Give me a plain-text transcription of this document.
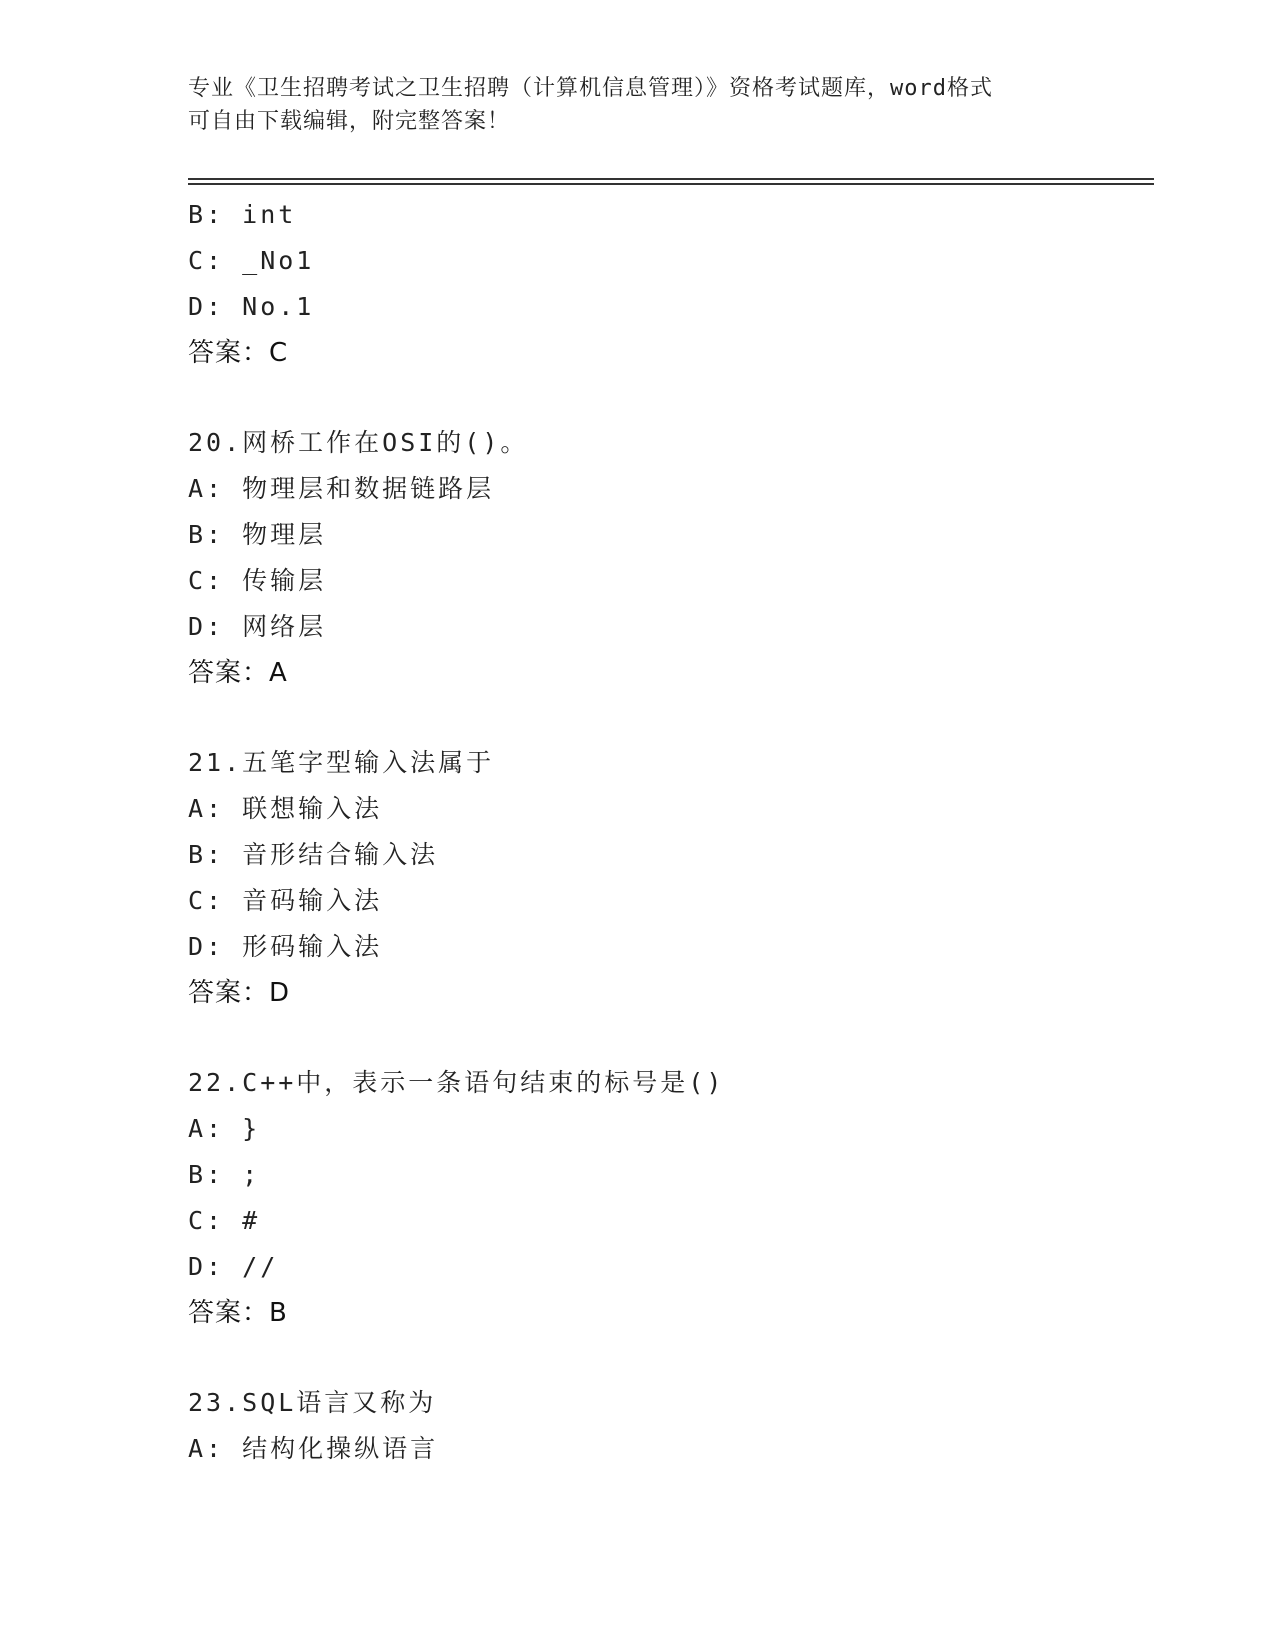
专业《卫生招聘考试之卫生招聘（计算机信息管理）》资格考试题库，word格式
可自由下载编辑，附完整答案！
B: int
C: _No1
D: No.1
答案：C
20.网桥工作在OSI的()。
A: 物理层和数据链路层
B: 物理层
C: 传输层
D: 网络层
答案：A
21.五笔字型输入法属于
A: 联想输入法
B: 音形结合输入法
C: 音码输入法
D: 形码输入法
答案：D
22.C++中，表示一条语句结束的标号是()
A: }
B: ;
C: #
D: //
答案：B
23.SQL语言又称为
A: 结构化操纵语言
